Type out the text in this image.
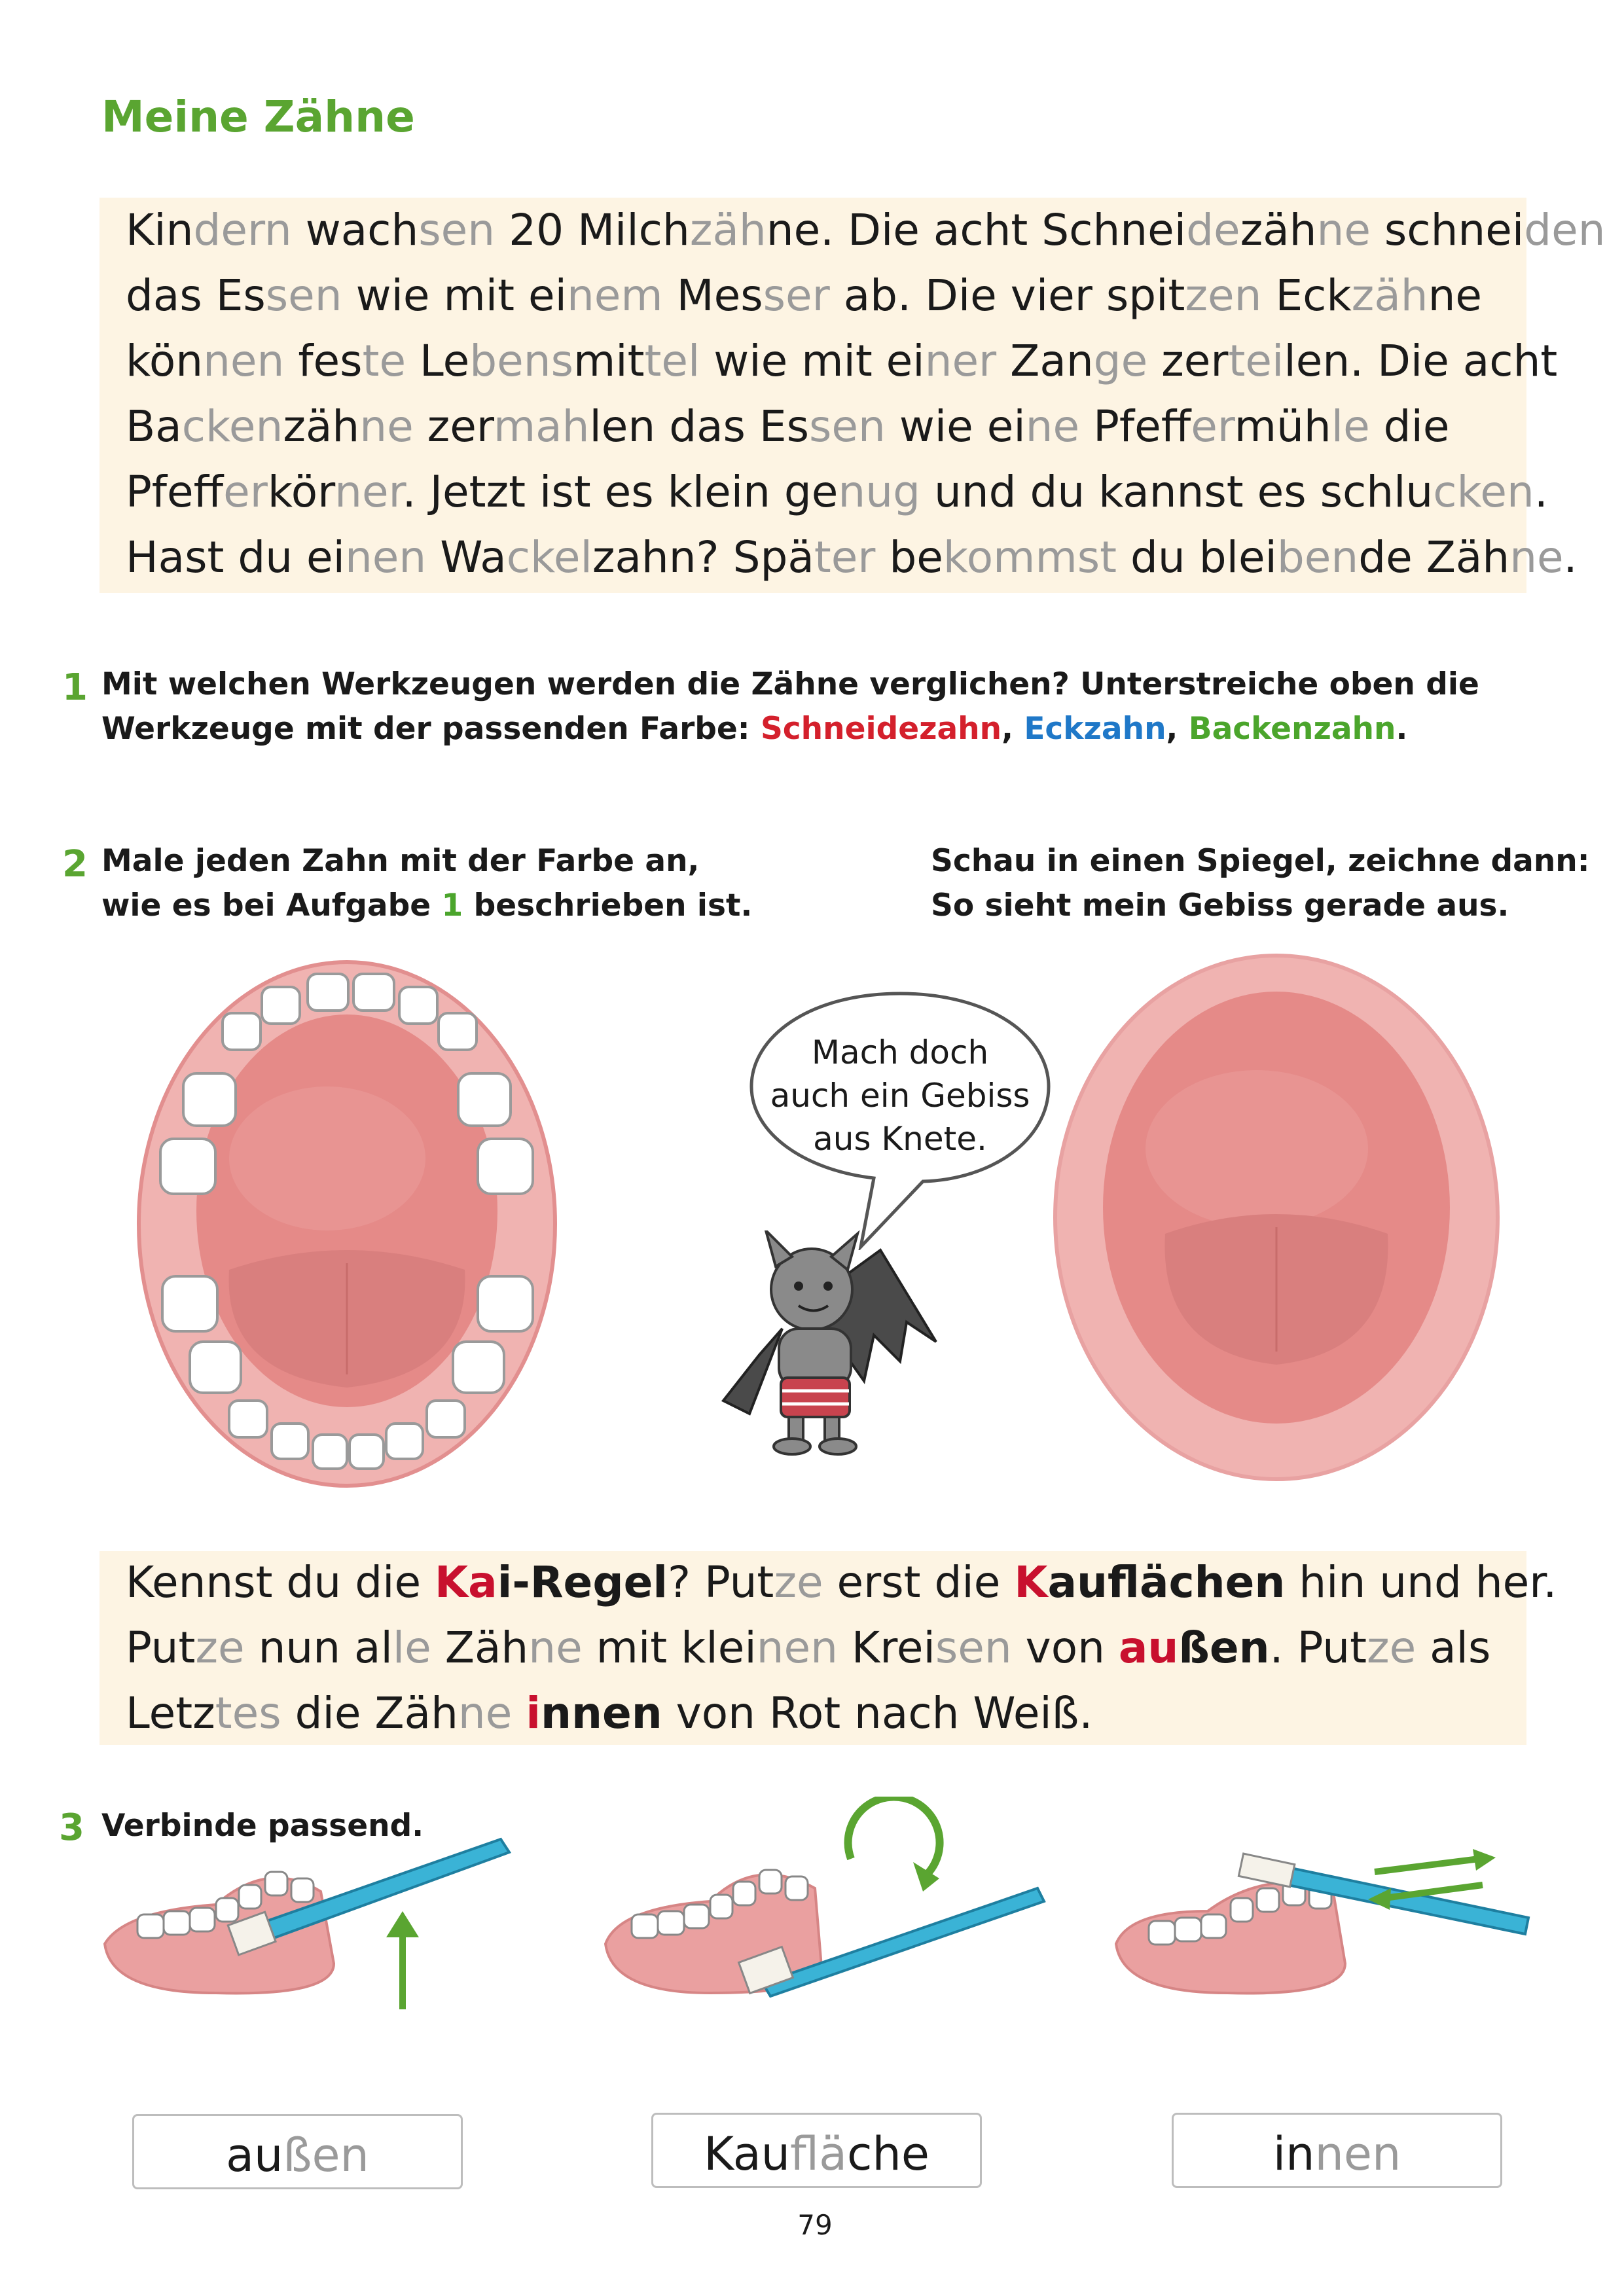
Meine Zähne
Kindern wachsen 20 Milchzähne. Die acht Schneidezähne schneiden
das Essen wie mit einem Messer ab. Die vier spitzen Eckzähne
können feste Lebensmittel wie mit einer Zange zerteilen. Die acht
Backenzähne zermahlen das Essen wie eine Pfeffermühle die
Pfefferkörner. Jetzt ist es klein genug und du kannst es schlucken.
Hast du einen Wackelzahn? Später bekommst du bleibende Zähne.
1 Mit welchen Werkzeugen werden die Zähne verglichen? Unterstreiche oben die
Werkzeuge mit der passenden Farbe: Schneidezahn, Eckzahn, Backenzahn.
2 Male jeden Zahn mit der Farbe an,
wie es bei Aufgabe 1 beschrieben ist.
Schau in einen Spiegel, zeichne dann:
So sieht mein Gebiss gerade aus.
Mach doch
auch ein Gebiss
aus Knete.
Kennst du die Kai-Regel? Putze erst die Kauflächen hin und her.
Putze nun alle Zähne mit kleinen Kreisen von außen. Putze als
Letztes die Zähne innen von Rot nach Weiß.
3 Verbinde passend.
außen	Kaufläche	innen
79
